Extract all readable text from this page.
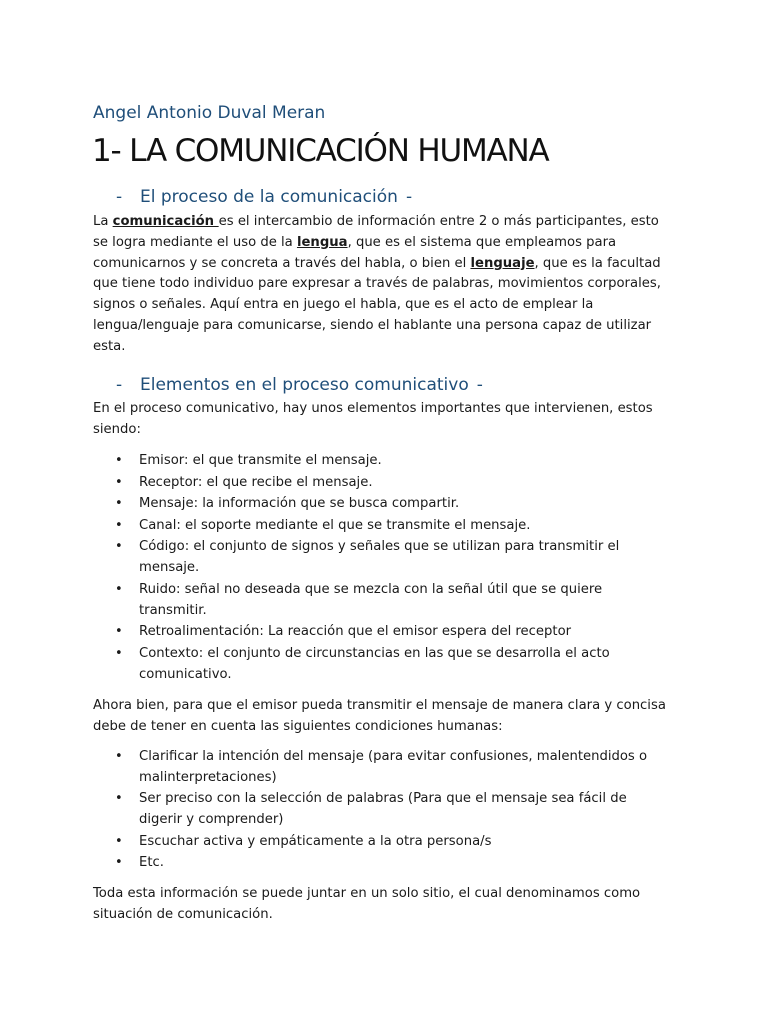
Angel Antonio Duval Meran
1- LA COMUNICACIÓN HUMANA
- El proceso de la comunicación -

La comunicación es el intercambio de información entre 2 o más participantes, esto se logra mediante el uso de la lengua, que es el sistema que empleamos para comunicarnos y se concreta a través del habla, o bien el lenguaje, que es la facultad que tiene todo individuo pare expresar a través de palabras, movimientos corporales, signos o señales. Aquí entra en juego el habla, que es el acto de emplear la lengua/lenguaje para comunicarse, siendo el hablante una persona capaz de utilizar esta.

- Elementos en el proceso comunicativo -

En el proceso comunicativo, hay unos elementos importantes que intervienen, estos siendo:

• Emisor: el que transmite el mensaje.
• Receptor: el que recibe el mensaje.
• Mensaje: la información que se busca compartir.
• Canal: el soporte mediante el que se transmite el mensaje.
• Código: el conjunto de signos y señales que se utilizan para transmitir el mensaje.
• Ruido: señal no deseada que se mezcla con la señal útil que se quiere transmitir.
• Retroalimentación: La reacción que el emisor espera del receptor
• Contexto: el conjunto de circunstancias en las que se desarrolla el acto comunicativo.

Ahora bien, para que el emisor pueda transmitir el mensaje de manera clara y concisa debe de tener en cuenta las siguientes condiciones humanas:

• Clarificar la intención del mensaje (para evitar confusiones, malentendidos o malinterpretaciones)
• Ser preciso con la selección de palabras (Para que el mensaje sea fácil de digerir y comprender)
• Escuchar activa y empáticamente a la otra persona/s
• Etc.

Toda esta información se puede juntar en un solo sitio, el cual denominamos como situación de comunicación.
